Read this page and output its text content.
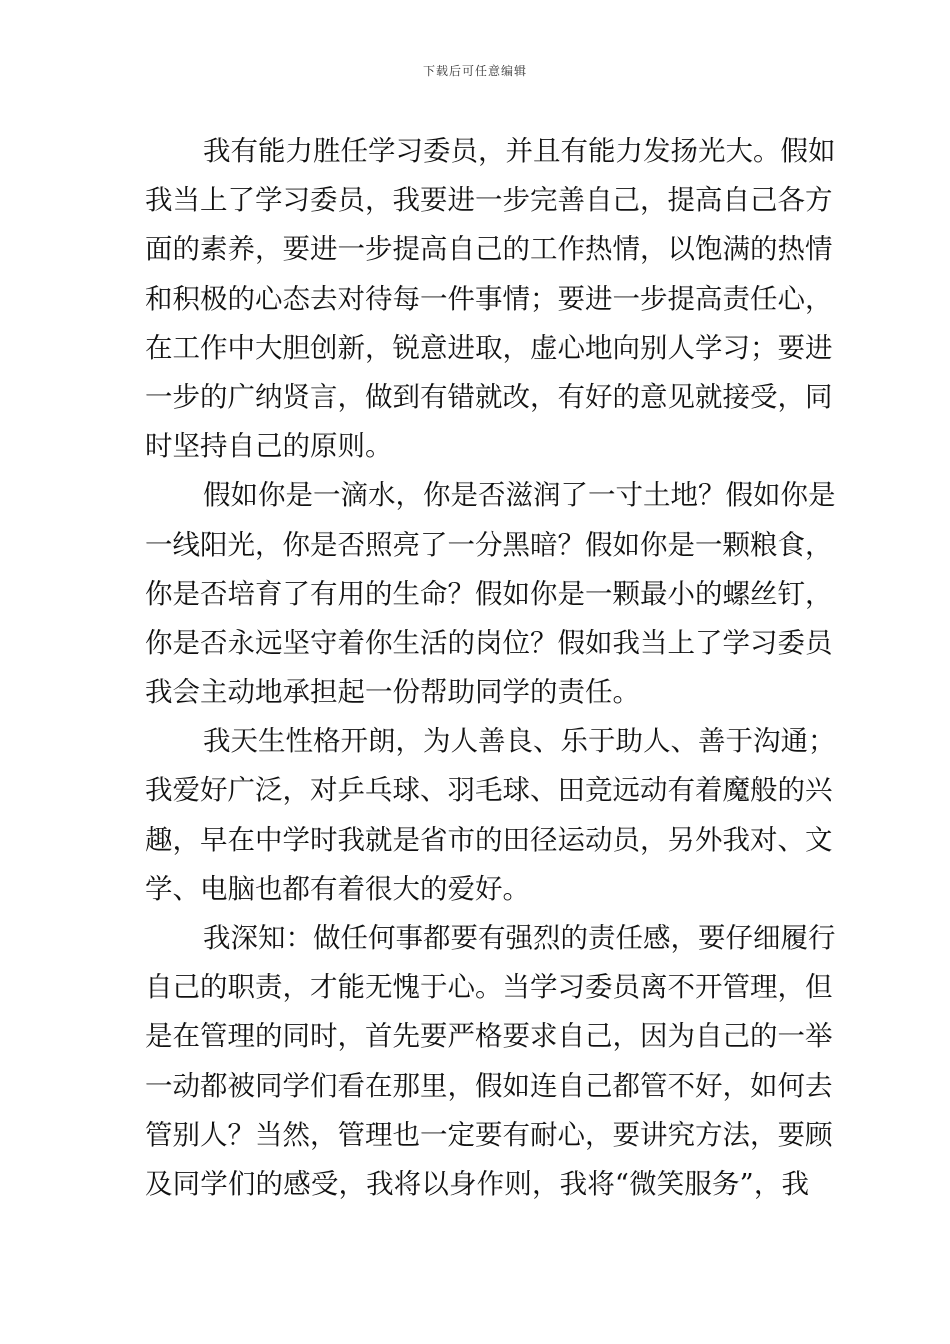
下载后可任意编辑
我有能力胜任学习委员，并且有能力发扬光大。假如
我当上了学习委员，我要进一步完善自己，提高自己各方
面的素养，要进一步提高自己的工作热情，以饱满的热情
和积极的心态去对待每一件事情；要进一步提高责任心，
在工作中大胆创新，锐意进取，虚心地向别人学习；要进
一步的广纳贤言，做到有错就改，有好的意见就接受，同
时坚持自己的原则。
假如你是一滴水，你是否滋润了一寸土地？假如你是
一线阳光，你是否照亮了一分黑暗？假如你是一颗粮食，
你是否培育了有用的生命？假如你是一颗最小的螺丝钉，
你是否永远坚守着你生活的岗位？假如我当上了学习委员
我会主动地承担起一份帮助同学的责任。
我天生性格开朗，为人善良、乐于助人、善于沟通；
我爱好广泛，对乒乓球、羽毛球、田竞远动有着魔般的兴
趣，早在中学时我就是省市的田径运动员，另外我对、文
学、电脑也都有着很大的爱好。
我深知：做任何事都要有强烈的责任感，要仔细履行
自己的职责，才能无愧于心。当学习委员离不开管理，但
是在管理的同时，首先要严格要求自己，因为自己的一举
一动都被同学们看在那里，假如连自己都管不好，如何去
管别人？当然，管理也一定要有耐心，要讲究方法，要顾
及同学们的感受，我将以身作则，我将“微笑服务”，我
